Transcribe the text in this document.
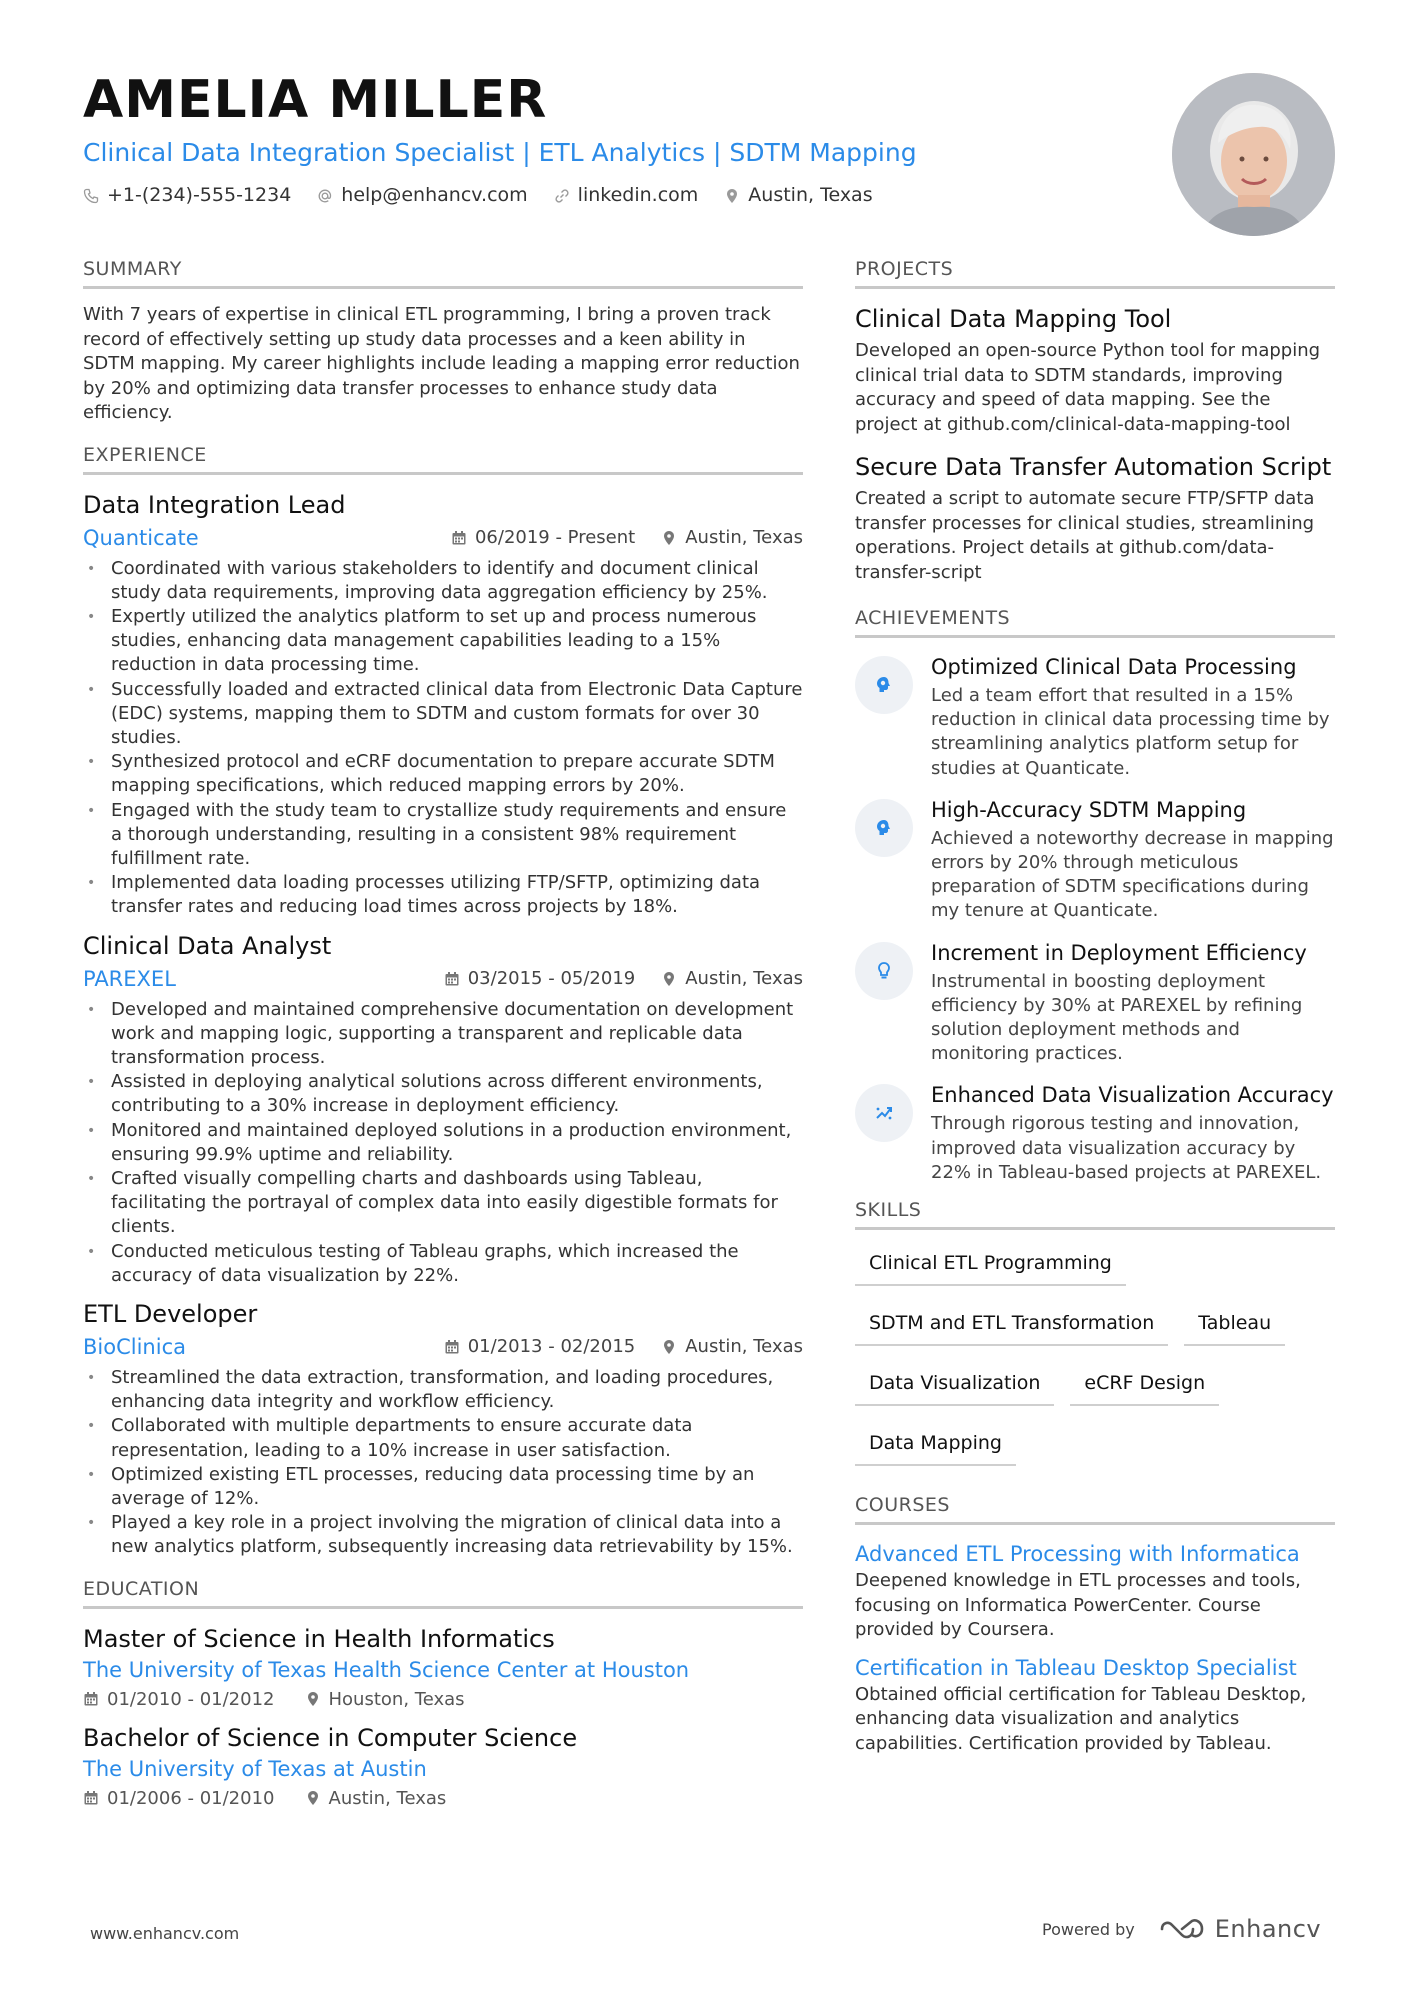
AMELIA MILLER
Clinical Data Integration Specialist | ETL Analytics | SDTM Mapping
+1-(234)-555-1234	help@enhancv.com	linkedin.com	Austin, Texas
SUMMARY
With 7 years of expertise in clinical ETL programming, I bring a proven track record of effectively setting up study data processes and a keen ability in SDTM mapping. My career highlights include leading a mapping error reduction by 20% and optimizing data transfer processes to enhance study data efficiency.
EXPERIENCE
Data Integration Lead
Quanticate	06/2019 - Present	Austin, Texas
• Coordinated with various stakeholders to identify and document clinical study data requirements, improving data aggregation efficiency by 25%.
• Expertly utilized the analytics platform to set up and process numerous studies, enhancing data management capabilities leading to a 15% reduction in data processing time.
• Successfully loaded and extracted clinical data from Electronic Data Capture (EDC) systems, mapping them to SDTM and custom formats for over 30 studies.
• Synthesized protocol and eCRF documentation to prepare accurate SDTM mapping specifications, which reduced mapping errors by 20%.
• Engaged with the study team to crystallize study requirements and ensure a thorough understanding, resulting in a consistent 98% requirement fulfillment rate.
• Implemented data loading processes utilizing FTP/SFTP, optimizing data transfer rates and reducing load times across projects by 18%.
Clinical Data Analyst
PAREXEL	03/2015 - 05/2019	Austin, Texas
• Developed and maintained comprehensive documentation on development work and mapping logic, supporting a transparent and replicable data transformation process.
• Assisted in deploying analytical solutions across different environments, contributing to a 30% increase in deployment efficiency.
• Monitored and maintained deployed solutions in a production environment, ensuring 99.9% uptime and reliability.
• Crafted visually compelling charts and dashboards using Tableau, facilitating the portrayal of complex data into easily digestible formats for clients.
• Conducted meticulous testing of Tableau graphs, which increased the accuracy of data visualization by 22%.
ETL Developer
BioClinica	01/2013 - 02/2015	Austin, Texas
• Streamlined the data extraction, transformation, and loading procedures, enhancing data integrity and workflow efficiency.
• Collaborated with multiple departments to ensure accurate data representation, leading to a 10% increase in user satisfaction.
• Optimized existing ETL processes, reducing data processing time by an average of 12%.
• Played a key role in a project involving the migration of clinical data into a new analytics platform, subsequently increasing data retrievability by 15%.
EDUCATION
Master of Science in Health Informatics
The University of Texas Health Science Center at Houston
01/2010 - 01/2012	Houston, Texas
Bachelor of Science in Computer Science
The University of Texas at Austin
01/2006 - 01/2010	Austin, Texas
PROJECTS
Clinical Data Mapping Tool
Developed an open-source Python tool for mapping clinical trial data to SDTM standards, improving accuracy and speed of data mapping. See the project at github.com/clinical-data-mapping-tool
Secure Data Transfer Automation Script
Created a script to automate secure FTP/SFTP data transfer processes for clinical studies, streamlining operations. Project details at github.com/data-transfer-script
ACHIEVEMENTS
Optimized Clinical Data Processing
Led a team effort that resulted in a 15% reduction in clinical data processing time by streamlining analytics platform setup for studies at Quanticate.
High-Accuracy SDTM Mapping
Achieved a noteworthy decrease in mapping errors by 20% through meticulous preparation of SDTM specifications during my tenure at Quanticate.
Increment in Deployment Efficiency
Instrumental in boosting deployment efficiency by 30% at PAREXEL by refining solution deployment methods and monitoring practices.
Enhanced Data Visualization Accuracy
Through rigorous testing and innovation, improved data visualization accuracy by 22% in Tableau-based projects at PAREXEL.
SKILLS
Clinical ETL Programming
SDTM and ETL Transformation	Tableau
Data Visualization	eCRF Design
Data Mapping
COURSES
Advanced ETL Processing with Informatica
Deepened knowledge in ETL processes and tools, focusing on Informatica PowerCenter. Course provided by Coursera.
Certification in Tableau Desktop Specialist
Obtained official certification for Tableau Desktop, enhancing data visualization and analytics capabilities. Certification provided by Tableau.
www.enhancv.com	Powered by	Enhancv
